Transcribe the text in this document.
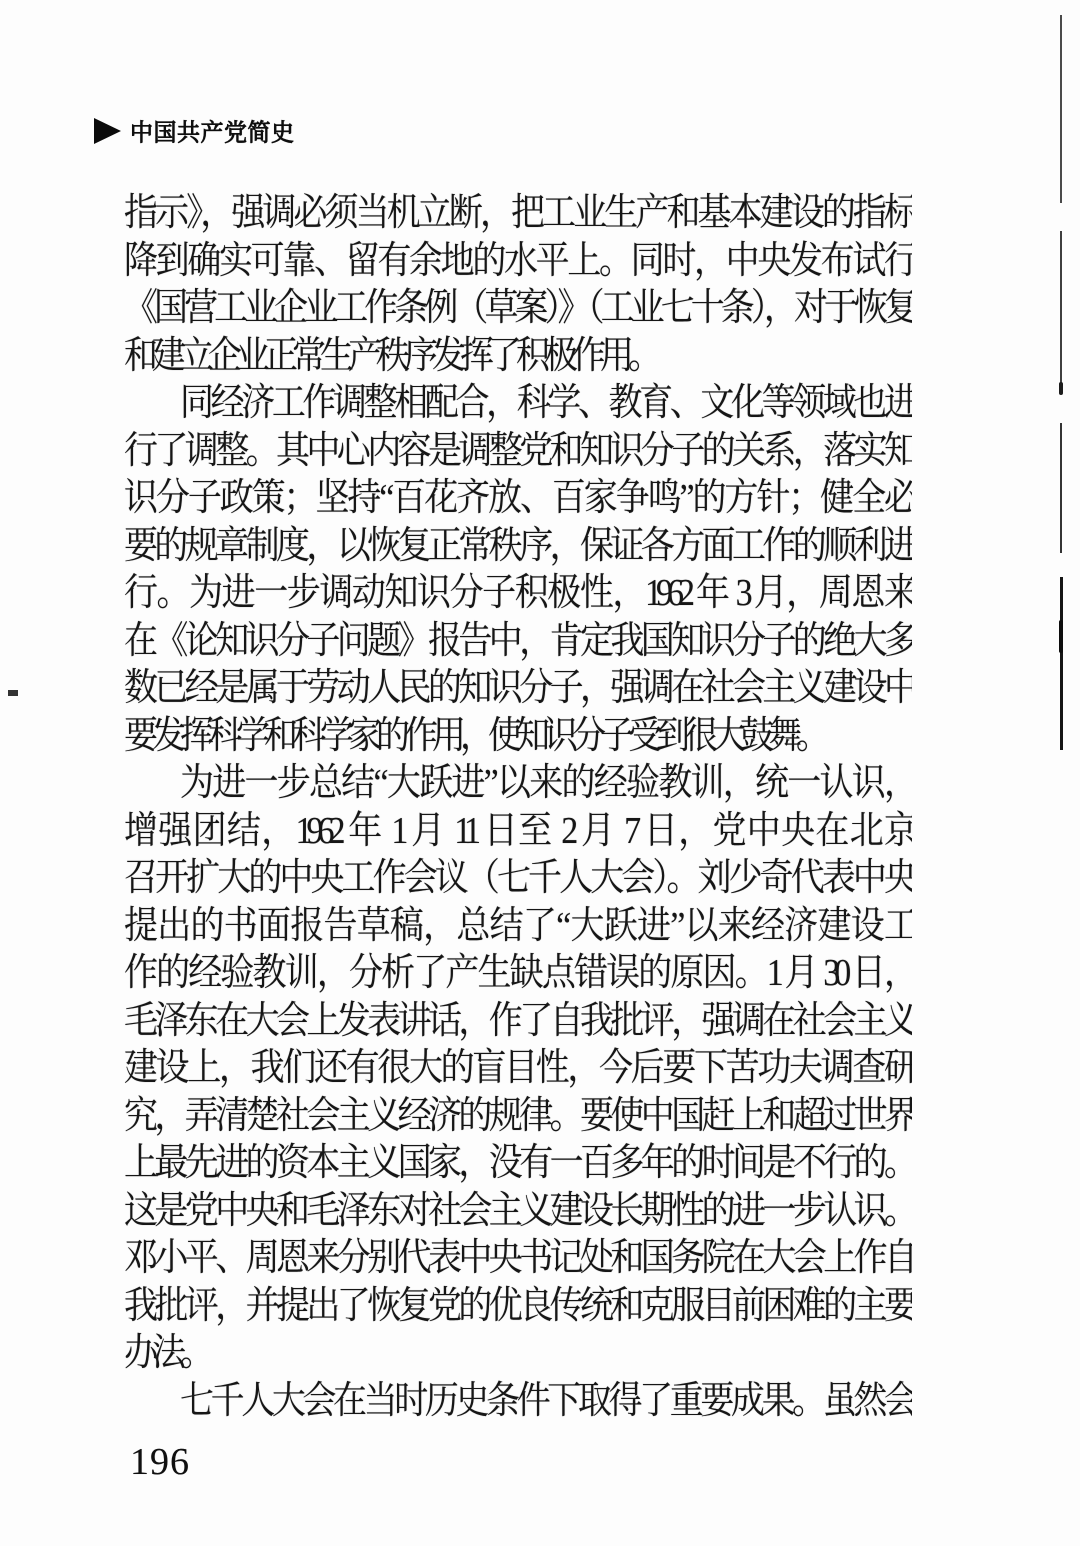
中国共产党简史
指示》，强调必须当机立断，把工业生产和基本建设的指标
降到确实可靠、留有余地的水平上。同时，中央发布试行
《国营工业企业工作条例（草案）》（工业七十条），对于恢复
和建立企业正常生产秩序发挥了积极作用。
同经济工作调整相配合，科学、教育、文化等领域也进
行了调整。其中心内容是调整党和知识分子的关系，落实知
识分子政策；坚持“百花齐放、百家争鸣”的方针；健全必
要的规章制度，以恢复正常秩序，保证各方面工作的顺利进
行。为进一步调动知识分子积极性，1962 年 3 月，周恩来
在《论知识分子问题》报告中，肯定我国知识分子的绝大多
数已经是属于劳动人民的知识分子，强调在社会主义建设中
要发挥科学和科学家的作用，使知识分子受到很大鼓舞。
为进一步总结“大跃进”以来的经验教训，统一认识，
增强团结，1962 年 1 月 11 日至 2 月 7 日，党中央在北京
召开扩大的中央工作会议（七千人大会）。刘少奇代表中央
提出的书面报告草稿，总结了“大跃进”以来经济建设工
作的经验教训，分析了产生缺点错误的原因。1 月 30 日，
毛泽东在大会上发表讲话，作了自我批评，强调在社会主义
建设上，我们还有很大的盲目性，今后要下苦功夫调查研
究，弄清楚社会主义经济的规律。要使中国赶上和超过世界
上最先进的资本主义国家，没有一百多年的时间是不行的。
这是党中央和毛泽东对社会主义建设长期性的进一步认识。
邓小平、周恩来分别代表中央书记处和国务院在大会上作自
我批评，并提出了恢复党的优良传统和克服目前困难的主要
办法。
七千人大会在当时历史条件下取得了重要成果。虽然会
196
